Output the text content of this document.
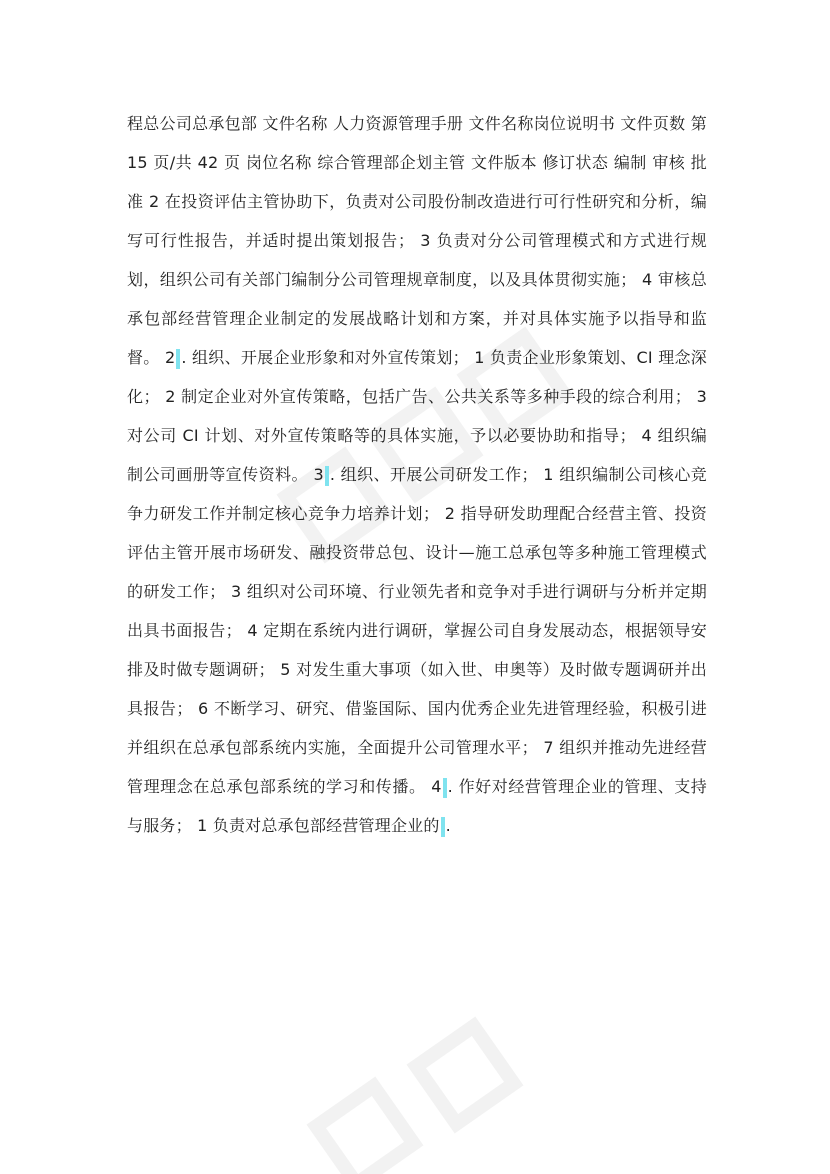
程总公司总承包部 文件名称 人力资源管理手册 文件名称岗位说明书 文件页数 第 15 页/共 42 页 岗位名称 综合管理部企划主管 文件版本 修订状态 编制 审核 批准 2 在投资评估主管协助下，负责对公司股份制改造进行可行性研究和分析，编写可行性报告，并适时提出策划报告； 3 负责对分公司管理模式和方式进行规划，组织公司有关部门编制分公司管理规章制度，以及具体贯彻实施； 4 审核总承包部经营管理企业制定的发展战略计划和方案，并对具体实施予以指导和监督。 2 . 组织、开展企业形象和对外宣传策划； 1 负责企业形象策划、CI 理念深化； 2 制定企业对外宣传策略，包括广告、公共关系等多种手段的综合利用； 3 对公司 CI 计划、对外宣传策略等的具体实施，予以必要协助和指导； 4 组织编制公司画册等宣传资料。 3 . 组织、开展公司研发工作； 1 组织编制公司核心竞争力研发工作并制定核心竞争力培养计划； 2 指导研发助理配合经营主管、投资评估主管开展市场研发、融投资带总包、设计—施工总承包等多种施工管理模式的研发工作； 3 组织对公司环境、行业领先者和竞争对手进行调研与分析并定期出具书面报告； 4 定期在系统内进行调研，掌握公司自身发展动态，根据领导安排及时做专题调研； 5 对发生重大事项（如入世、申奥等）及时做专题调研并出具报告； 6 不断学习、研究、借鉴国际、国内优秀企业先进管理经验，积极引进并组织在总承包部系统内实施，全面提升公司管理水平； 7 组织并推动先进经营管理理念在总承包部系统的学习和传播。 4 . 作好对经营管理企业的管理、支持与服务； 1 负责对总承包部经营管理企业的 .
